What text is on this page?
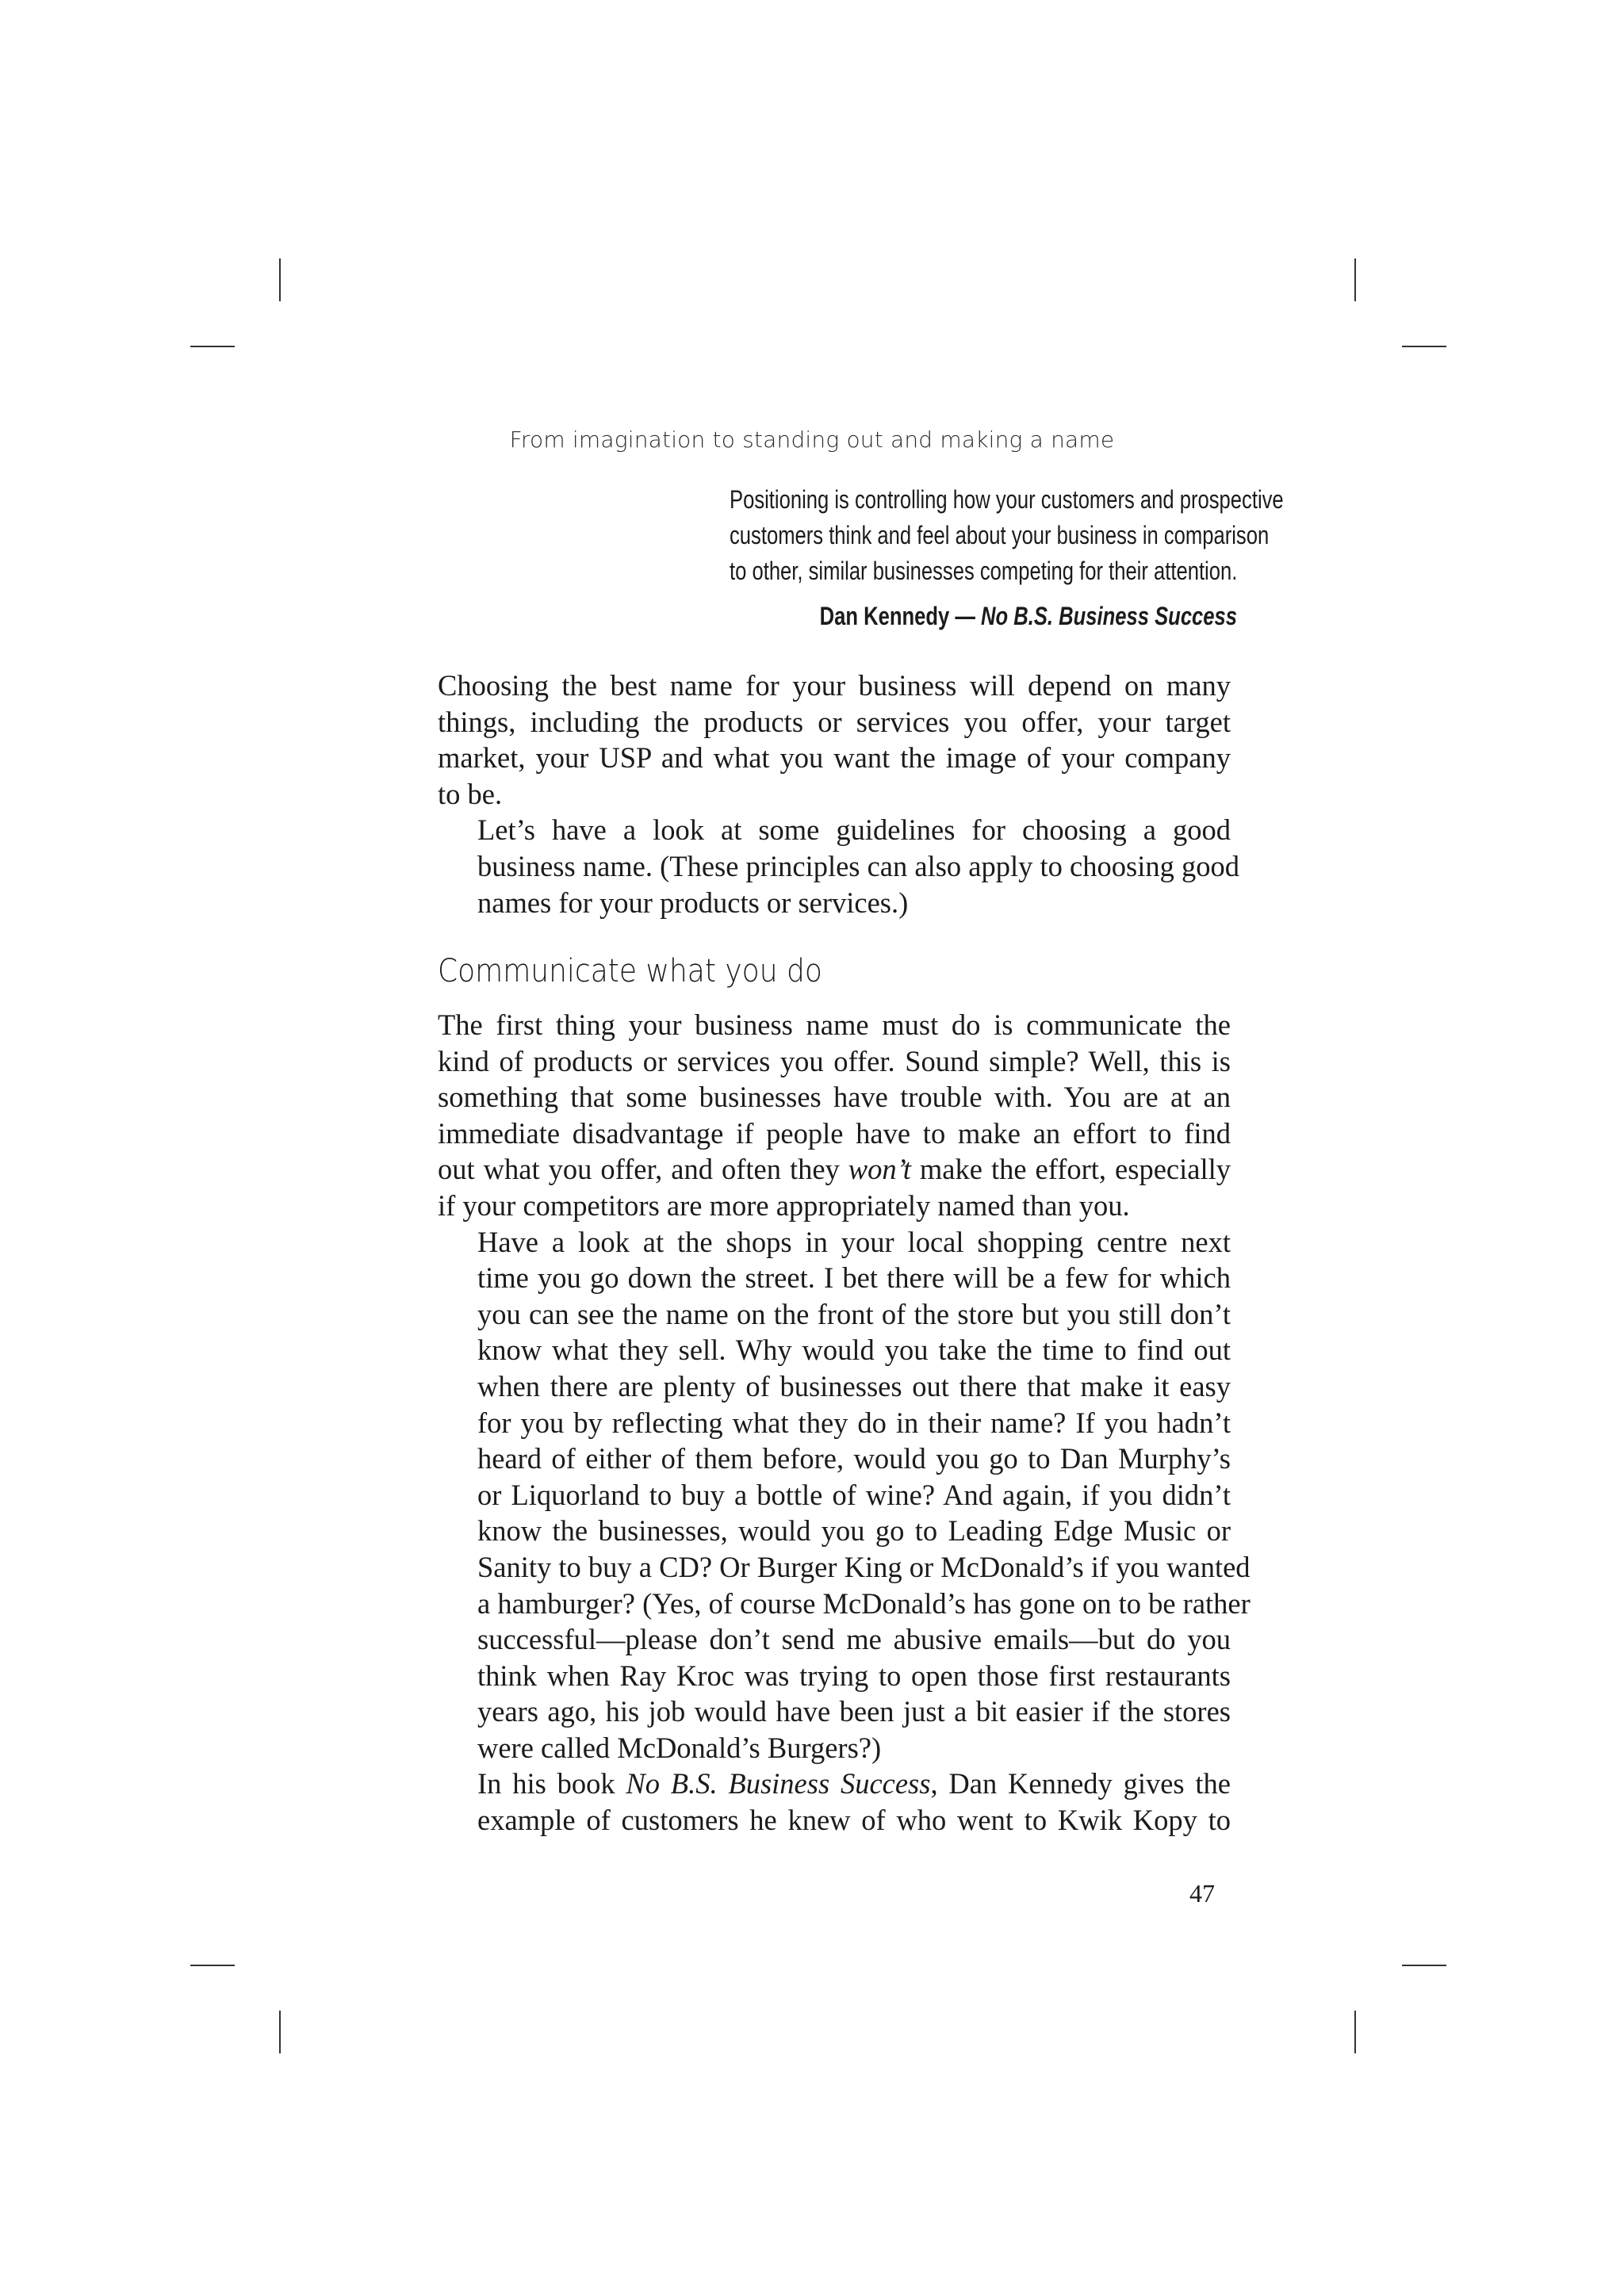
From imagination to standing out and making a name
Positioning is controlling how your customers and prospective
customers think and feel about your business in comparison
to other, similar businesses competing for their attention.
Dan Kennedy — No B.S. Business Success

Choosing the best name for your business will depend on many
things, including the products or services you offer, your target
market, your USP and what you want the image of your company
to be.

Let’s have a look at some guidelines for choosing a good
business name. (These principles can also apply to choosing good
names for your products or services.)

Communicate what you do

The first thing your business name must do is communicate the
kind of products or services you offer. Sound simple? Well, this is
something that some businesses have trouble with. You are at an
immediate disadvantage if people have to make an effort to find
out what you offer, and often they won’t make the effort, especially
if your competitors are more appropriately named than you.

Have a look at the shops in your local shopping centre next
time you go down the street. I bet there will be a few for which
you can see the name on the front of the store but you still don’t
know what they sell. Why would you take the time to find out
when there are plenty of businesses out there that make it easy
for you by reflecting what they do in their name? If you hadn’t
heard of either of them before, would you go to Dan Murphy’s
or Liquorland to buy a bottle of wine? And again, if you didn’t
know the businesses, would you go to Leading Edge Music or
Sanity to buy a CD? Or Burger King or McDonald’s if you wanted
a hamburger? (Yes, of course McDonald’s has gone on to be rather
successful—please don’t send me abusive emails—but do you
think when Ray Kroc was trying to open those first restaurants
years ago, his job would have been just a bit easier if the stores
were called McDonald’s Burgers?)

In his book No B.S. Business Success, Dan Kennedy gives the
example of customers he knew of who went to Kwik Kopy to

47
